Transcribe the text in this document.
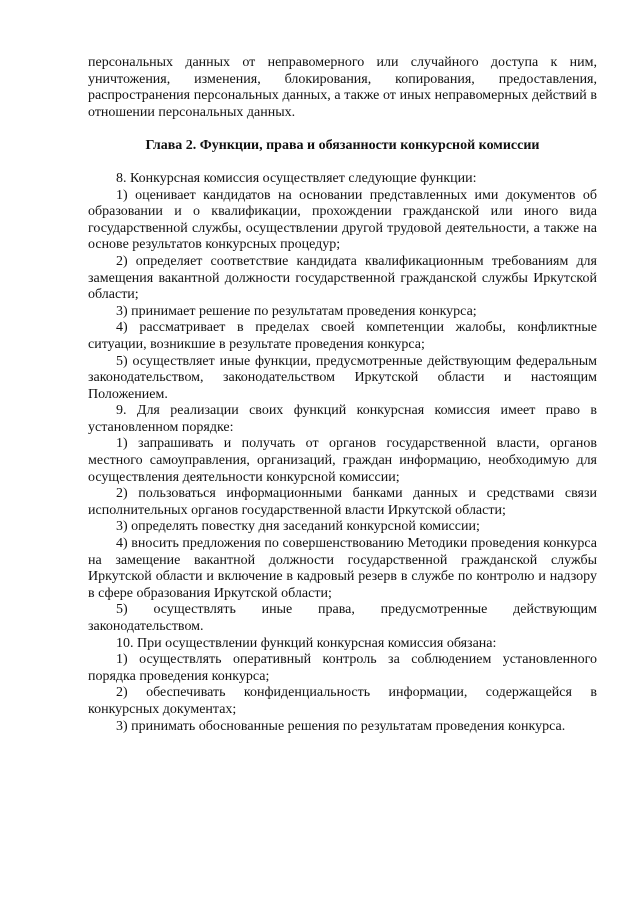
персональных данных от неправомерного или случайного доступа к ним, уничтожения, изменения, блокирования, копирования, предоставления, распространения персональных данных, а также от иных неправомерных действий в отношении персональных данных.

Глава 2. Функции, права и обязанности конкурсной комиссии

8. Конкурсная комиссия осуществляет следующие функции:

1) оценивает кандидатов на основании представленных ими документов об образовании и о квалификации, прохождении гражданской или иного вида государственной службы, осуществлении другой трудовой деятельности, а также на основе результатов конкурсных процедур;

2) определяет соответствие кандидата квалификационным требованиям для замещения вакантной должности государственной гражданской службы Иркутской области;

3) принимает решение по результатам проведения конкурса;

4) рассматривает в пределах своей компетенции жалобы, конфликтные ситуации, возникшие в результате проведения конкурса;

5) осуществляет иные функции, предусмотренные действующим федеральным законодательством, законодательством Иркутской области и настоящим Положением.

9. Для реализации своих функций конкурсная комиссия имеет право в установленном порядке:

1) запрашивать и получать от органов государственной власти, органов местного самоуправления, организаций, граждан информацию, необходимую для осуществления деятельности конкурсной комиссии;

2) пользоваться информационными банками данных и средствами связи исполнительных органов государственной власти Иркутской области;

3) определять повестку дня заседаний конкурсной комиссии;

4) вносить предложения по совершенствованию Методики проведения конкурса на замещение вакантной должности государственной гражданской службы Иркутской области и включение в кадровый резерв в службе по контролю и надзору в сфере образования Иркутской области;

5) осуществлять иные права, предусмотренные действующим законодательством.

10. При осуществлении функций конкурсная комиссия обязана:

1) осуществлять оперативный контроль за соблюдением установленного порядка проведения конкурса;

2) обеспечивать конфиденциальность информации, содержащейся в конкурсных документах;

3) принимать обоснованные решения по результатам проведения конкурса.
